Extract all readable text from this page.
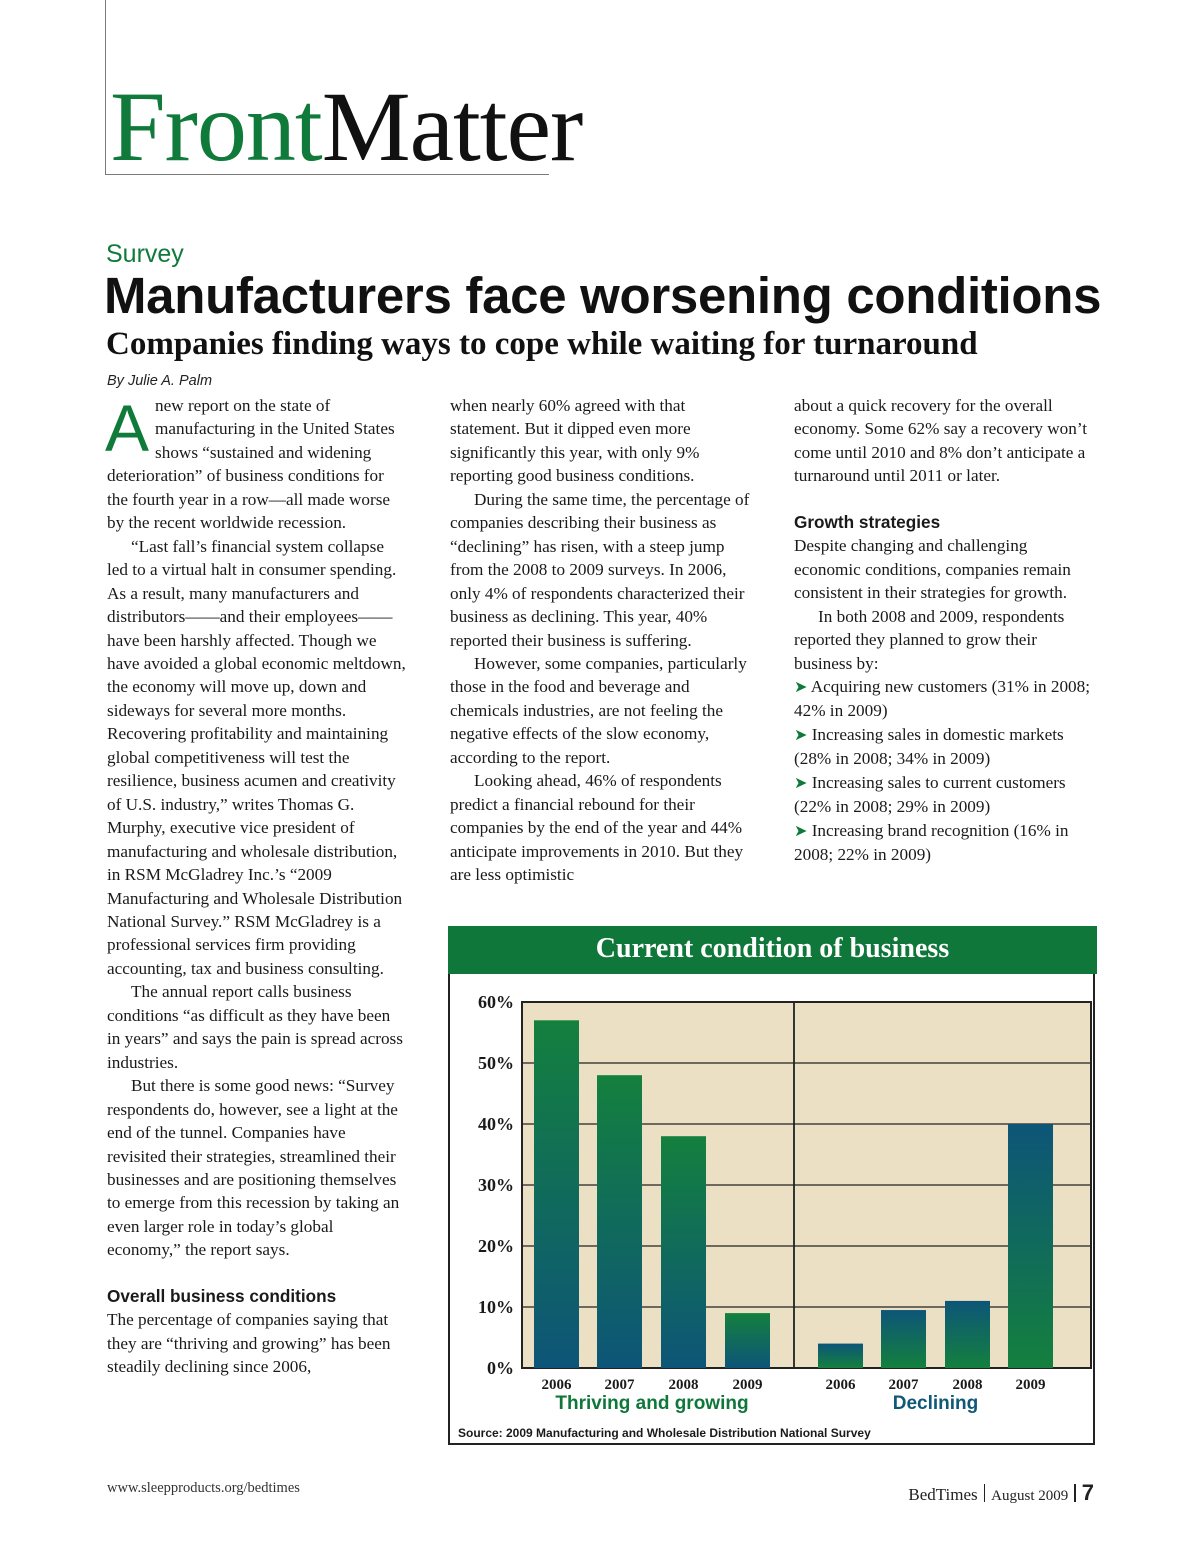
FrontMatter
Survey
Manufacturers face worsening conditions
Companies finding ways to cope while waiting for turnaround
By Julie A. Palm

Anew report on the state of manufacturing in the United States shows “sustained and widening deterioration” of business conditions for the fourth year in a row—all made worse by the recent worldwide recession.

“Last fall’s financial system collapse led to a virtual halt in consumer spending. As a result, many manufacturers and distributors——and their employees——have been harshly affected. Though we have avoided a global economic meltdown, the economy will move up, down and sideways for several more months. Recovering profitability and maintaining global competitiveness will test the resilience, business acumen and creativity of U.S. industry,” writes Thomas G. Murphy, executive vice president of manufacturing and wholesale distribution, in RSM McGladrey Inc.’s “2009 Manufacturing and Wholesale Distribution National Survey.” RSM McGladrey is a professional services firm providing accounting, tax and business consulting.

The annual report calls business conditions “as difficult as they have been in years” and says the pain is spread across industries.

But there is some good news: “Survey respondents do, however, see a light at the end of the tunnel. Companies have revisited their strategies, streamlined their businesses and are positioning themselves to emerge from this recession by taking an even larger role in today’s global economy,” the report says.

Overall business conditions

The percentage of companies saying that they are “thriving and growing” has been steadily declining since 2006,

when nearly 60% agreed with that statement. But it dipped even more significantly this year, with only 9% reporting good business conditions.

During the same time, the percentage of companies describing their business as “declining” has risen, with a steep jump from the 2008 to 2009 surveys. In 2006, only 4% of respondents characterized their business as declining. This year, 40% reported their business is suffering.

However, some companies, particularly those in the food and beverage and chemicals industries, are not feeling the negative effects of the slow economy, according to the report.

Looking ahead, 46% of respondents predict a financial rebound for their companies by the end of the year and 44% anticipate improvements in 2010. But they are less optimistic

about a quick recovery for the overall economy. Some 62% say a recovery won’t come until 2010 and 8% don’t anticipate a turnaround until 2011 or later.

Growth strategies

Despite changing and challenging economic conditions, companies remain consistent in their strategies for growth.

In both 2008 and 2009, respondents reported they planned to grow their business by:

➤ Acquiring new customers (31% in 2008; 42% in 2009)

➤ Increasing sales in domestic markets (28% in 2008; 34% in 2009)

➤ Increasing sales to current customers (22% in 2008; 29% in 2009)

➤ Increasing brand recognition (16% in 2008; 22% in 2009)

0%
10%
20%
30%
40%
50%
60%
2006 2007 2008 2009
Thriving and growing
2006 2007 2008 2009
Declining
Current condition of business
Source: 2009 Manufacturing and Wholesale Distribution National Survey
www.sleepproducts.org/bedtimes	BedTimes August 2009 7
